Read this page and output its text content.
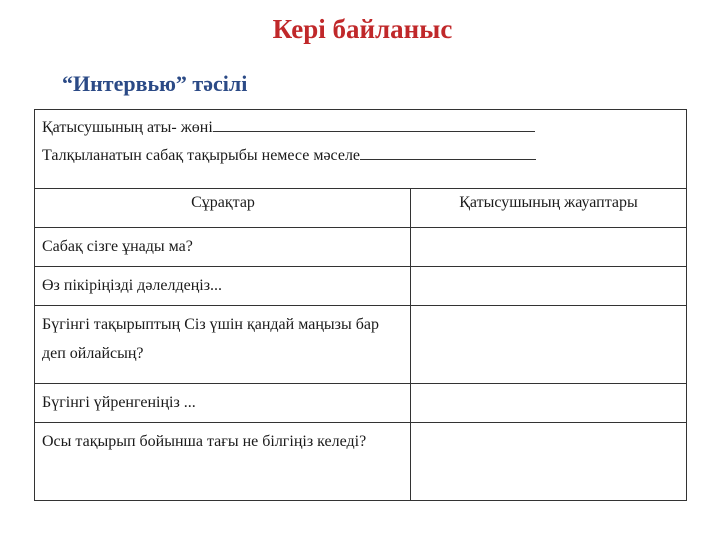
Кері байланыс
“Интервью” тәсілі
Қатысушының аты- жөні
Талқыланатын сабақ тақырыбы немесе мәселе
Сұрақтар	Қатысушының жауаптары
Сабақ сізге ұнады ма?
Өз пікіріңізді дәлелдеңіз...
Бүгінгі тақырыптың Сіз үшін қандай маңызы бар деп ойлайсың?
Бүгінгі үйренгеніңіз ...
Осы тақырып бойынша тағы не білгіңіз келеді?
